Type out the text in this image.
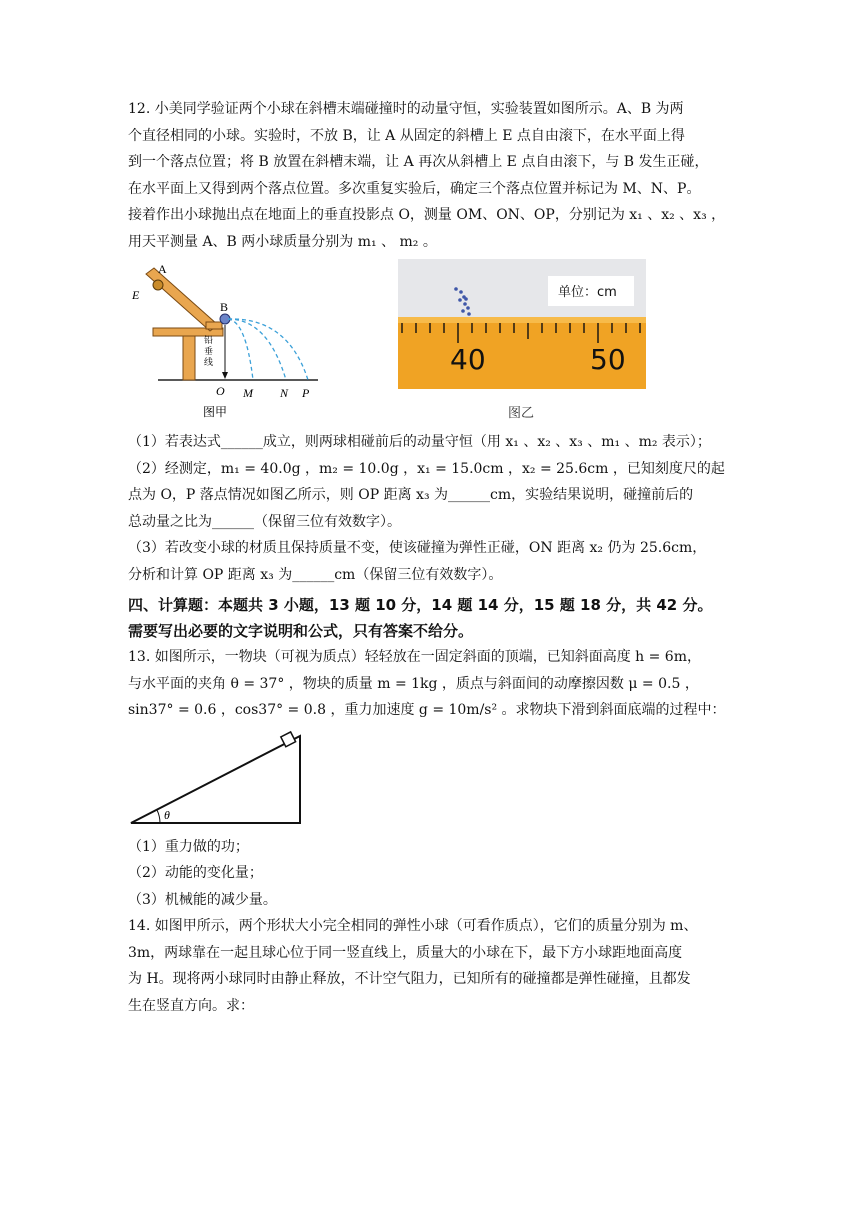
12. 小美同学验证两个小球在斜槽末端碰撞时的动量守恒，实验装置如图所示。A、B 为两

个直径相同的小球。实验时，不放 B，让 A 从固定的斜槽上 E 点自由滚下，在水平面上得

到一个落点位置；将 B 放置在斜槽末端，让 A 再次从斜槽上 E 点自由滚下，与 B 发生正碰，

在水平面上又得到两个落点位置。多次重复实验后，确定三个落点位置并标记为 M、N、P。

接着作出小球抛出点在地面上的垂直投影点 O，测量 OM、ON、OP，分别记为 x₁ 、x₂ 、x₃ ，

用天平测量 A、B 两小球质量分别为 m₁ 、 m₂ 。

A
B
E
O M N P
铅 垂 线
图甲
单位：cm
40	50
图乙

（1）若表达式______成立，则两球相碰前后的动量守恒（用 x₁ 、x₂ 、x₃ 、m₁ 、m₂ 表示）；

（2）经测定，m₁ = 40.0g ，m₂ = 10.0g ，x₁ = 15.0cm ，x₂ = 25.6cm ，已知刻度尺的起

点为 O，P 落点情况如图乙所示，则 OP 距离 x₃ 为______cm，实验结果说明，碰撞前后的

总动量之比为______（保留三位有效数字）。

（3）若改变小球的材质且保持质量不变，使该碰撞为弹性正碰，ON 距离 x₂ 仍为 25.6cm，

分析和计算 OP 距离 x₃ 为______cm（保留三位有效数字）。

四、计算题：本题共 3 小题，13 题 10 分，14 题 14 分，15 题 18 分，共 42 分。

需要写出必要的文字说明和公式，只有答案不给分。

13. 如图所示，一物块（可视为质点）轻轻放在一固定斜面的顶端，已知斜面高度 h = 6m，

与水平面的夹角 θ = 37° ，物块的质量 m = 1kg ，质点与斜面间的动摩擦因数 μ = 0.5 ，

sin37° = 0.6 ，cos37° = 0.8 ，重力加速度 g = 10m/s² 。求物块下滑到斜面底端的过程中：

θ

（1）重力做的功；

（2）动能的变化量；

（3）机械能的减少量。

14. 如图甲所示，两个形状大小完全相同的弹性小球（可看作质点），它们的质量分别为 m、

3m，两球靠在一起且球心位于同一竖直线上，质量大的小球在下，最下方小球距地面高度

为 H。现将两小球同时由静止释放，不计空气阻力，已知所有的碰撞都是弹性碰撞，且都发

生在竖直方向。求：
